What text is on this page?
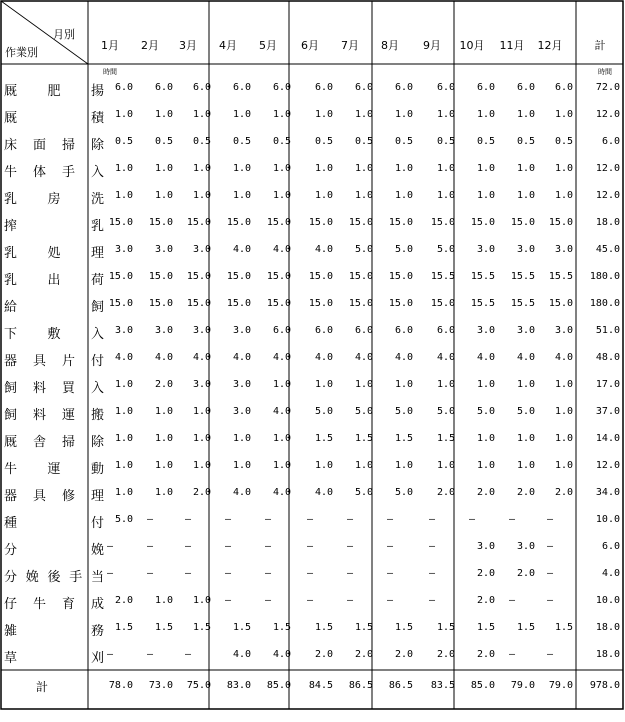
月別
作業別
1月	2月	3月	4月	5月	6月	7月	8月	9月	10月	11月	12月	計
時間	時間
厩 肥 揚	6.0	6.0	6.0	6.0	6.0	6.0	6.0	6.0	6.0	6.0	6.0	6.0	72.0
厩	積	1.0	1.0	1.0	1.0	1.0	1.0	1.0	1.0	1.0	1.0	1.0	1.0	12.0
床 面 掃 除	0.5	0.5	0.5	0.5	0.5	0.5	0.5	0.5	0.5	0.5	0.5	0.5	6.0
牛 体 手 入	1.0	1.0	1.0	1.0	1.0	1.0	1.0	1.0	1.0	1.0	1.0	1.0	12.0
乳 房 洗	1.0	1.0	1.0	1.0	1.0	1.0	1.0	1.0	1.0	1.0	1.0	1.0	12.0
搾	乳 15.0	15.0	15.0	15.0	15.0	15.0	15.0	15.0	15.0	15.0	15.0	15.0	18.0
乳 処 理	3.0	3.0	3.0	4.0	4.0	4.0	5.0	5.0	5.0	3.0	3.0	3.0	45.0
乳 出 荷 15.0	15.0	15.0	15.0	15.0	15.0	15.0	15.0	15.5	15.5	15.5	15.5	180.0
給	飼 15.0	15.0	15.0	15.0	15.0	15.0	15.0	15.0	15.0	15.5	15.5	15.0	180.0
下 敷 入	3.0	3.0	3.0	3.0	6.0	6.0	6.0	6.0	6.0	3.0	3.0	3.0	51.0
器 具 片 付	4.0	4.0	4.0	4.0	4.0	4.0	4.0	4.0	4.0	4.0	4.0	4.0	48.0
飼 料 買 入	1.0	2.0	3.0	3.0	1.0	1.0	1.0	1.0	1.0	1.0	1.0	1.0	17.0
飼 料 運 搬	1.0	1.0	1.0	3.0	4.0	5.0	5.0	5.0	5.0	5.0	5.0	1.0	37.0
厩 舎 掃 除	1.0	1.0	1.0	1.0	1.0	1.5	1.5	1.5	1.5	1.0	1.0	1.0	14.0
牛 運 動	1.0	1.0	1.0	1.0	1.0	1.0	1.0	1.0	1.0	1.0	1.0	1.0	12.0
器 具 修 理	1.0	1.0	2.0	4.0	4.0	4.0	5.0	5.0	2.0	2.0	2.0	2.0	34.0
種	付	5.0	—	—	—	—	—	—	—	—	—	—	—	10.0
分	娩 —	—	—	—	—	—	—	—	—	3.0	3.0	—	6.0
分 娩 後 手 当 —	—	—	—	—	—	—	—	—	2.0	2.0	—	4.0
仔 牛 育 成	2.0	1.0	1.0	—	—	—	—	—	—	2.0	—	—	10.0
雑	務	1.5	1.5	1.5	1.5	1.5	1.5	1.5	1.5	1.5	1.5	1.5	1.5	18.0
草	刈 —	—	—	4.0	4.0	2.0	2.0	2.0	2.0	2.0	—	—	18.0
計	78.0	73.0	75.0	83.0	85.0	84.5	86.5	86.5	83.5	85.0	79.0	79.0	978.0
